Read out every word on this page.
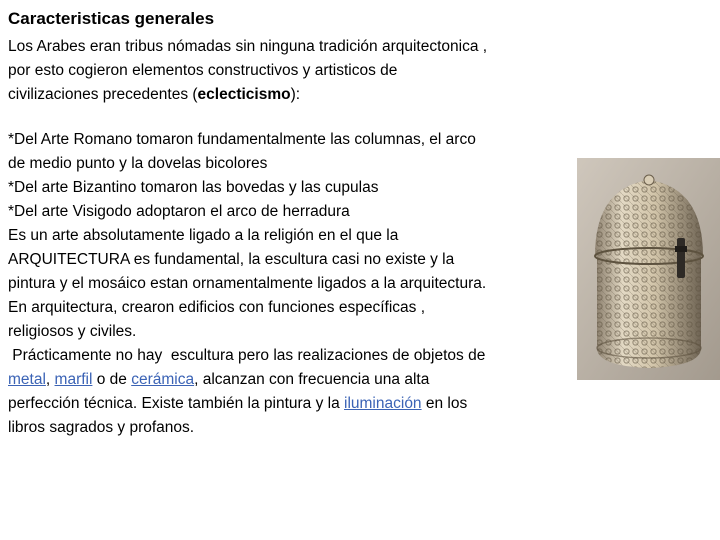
Caracteristicas generales

Los Arabes eran tribus nómadas sin ninguna tradición arquitectonica ,
por esto cogieron elementos constructivos y artisticos de
civilizaciones precedentes (eclecticismo):

*Del Arte Romano tomaron fundamentalmente las columnas, el arco
de medio punto y la dovelas bicolores
*Del arte Bizantino tomaron las bovedas y las cupulas
*Del arte Visigodo adoptaron el arco de herradura
Es un arte absolutamente ligado a la religión en el que la
ARQUITECTURA es fundamental, la escultura casi no existe y la
pintura y el mosáico estan ornamentalmente ligados a la arquitectura.
En arquitectura, crearon edificios con funciones específicas ,
religiosos y civiles.
Prácticamente no hay  escultura pero las realizaciones de objetos de
metal, marfil o de cerámica, alcanzan con frecuencia una alta
perfección técnica. Existe también la pintura y la iluminación en los
libros sagrados y profanos.
